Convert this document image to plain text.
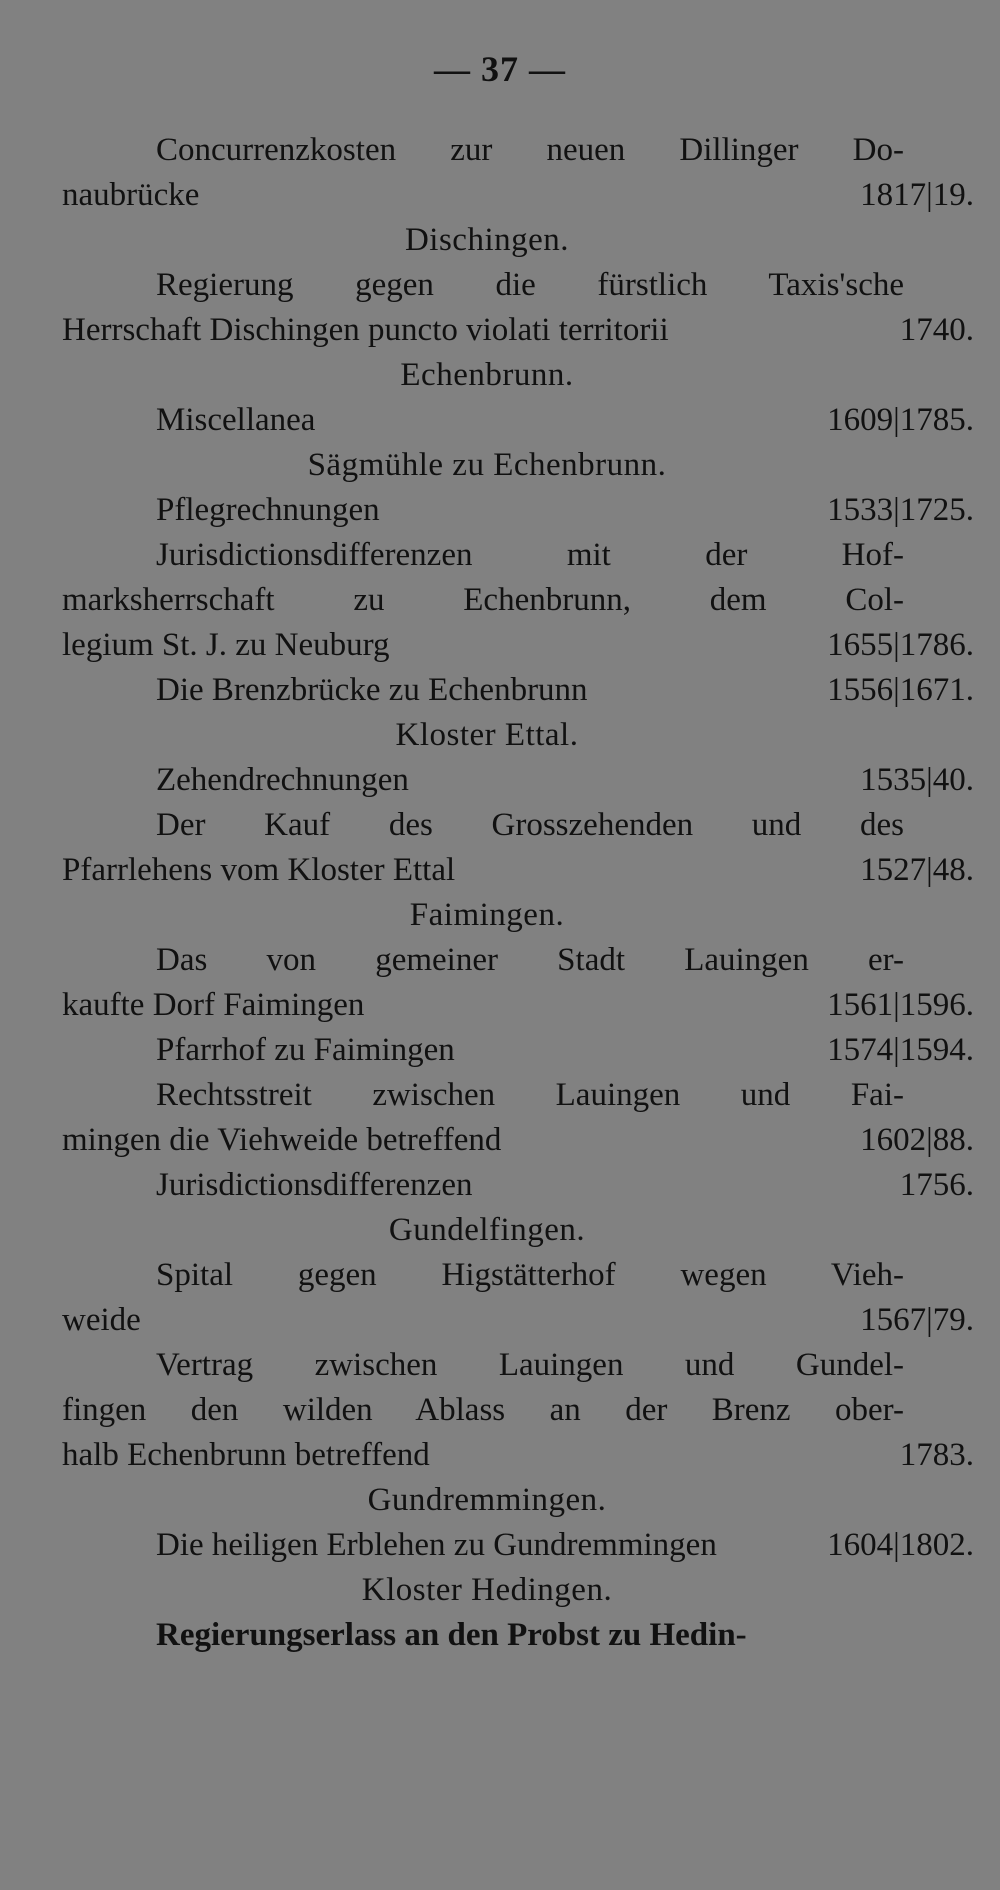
— 37 —
Concurrenzkosten zur neuen Dillinger Do-
naubrücke	1817|19.
Dischingen.
Regierung gegen die fürstlich Taxis'sche
Herrschaft Dischingen puncto violati territorii	1740.
Echenbrunn.
Miscellanea	1609|1785.
Sägmühle zu Echenbrunn.
Pflegrechnungen	1533|1725.
Jurisdictionsdifferenzen mit der Hof-
marksherrschaft zu Echenbrunn, dem Col-
legium St. J. zu Neuburg	1655|1786.
Die Brenzbrücke zu Echenbrunn	1556|1671.
Kloster Ettal.
Zehendrechnungen	1535|40.
Der Kauf des Grosszehenden und des
Pfarrlehens vom Kloster Ettal	1527|48.
Faimingen.
Das von gemeiner Stadt Lauingen er-
kaufte Dorf Faimingen	1561|1596.
Pfarrhof zu Faimingen	1574|1594.
Rechtsstreit zwischen Lauingen und Fai-
mingen die Viehweide betreffend	1602|88.
Jurisdictionsdifferenzen	1756.
Gundelfingen.
Spital gegen Higstätterhof wegen Vieh-
weide	1567|79.
Vertrag zwischen Lauingen und Gundel-
fingen den wilden Ablass an der Brenz ober-
halb Echenbrunn betreffend	1783.
Gundremmingen.
Die heiligen Erblehen zu Gundremmingen	1604|1802.
Kloster Hedingen.
Regierungserlass an den Probst zu Hedin-
